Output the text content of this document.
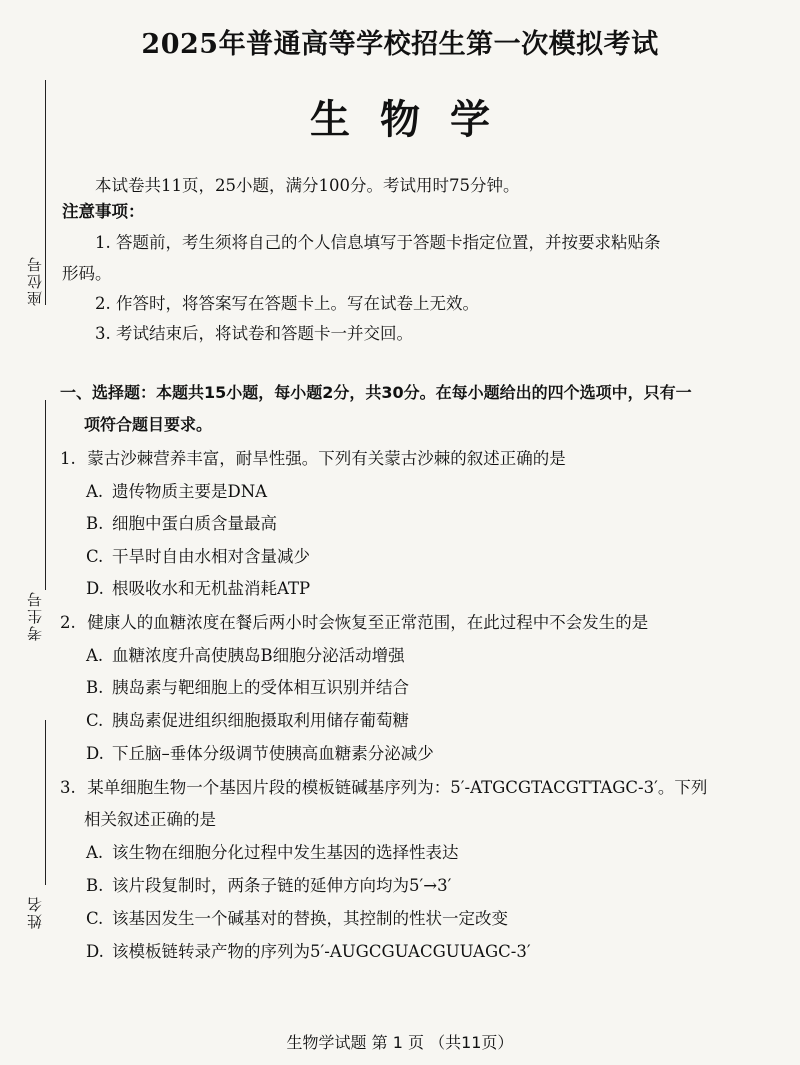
座位号
考生号
姓名
2025年普通高等学校招生第一次模拟考试
生物学
本试卷共11页，25小题，满分100分。考试用时75分钟。
注意事项：
1. 答题前，考生须将自己的个人信息填写于答题卡指定位置，并按要求粘贴条
形码。
2. 作答时，将答案写在答题卡上。写在试卷上无效。
3. 考试结束后，将试卷和答题卡一并交回。
一、选择题：本题共15小题，每小题2分，共30分。在每小题给出的四个选项中，只有一
项符合题目要求。
1. 蒙古沙棘营养丰富，耐旱性强。下列有关蒙古沙棘的叙述正确的是
A. 遗传物质主要是DNA
B. 细胞中蛋白质含量最高
C. 干旱时自由水相对含量减少
D. 根吸收水和无机盐消耗ATP
2. 健康人的血糖浓度在餐后两小时会恢复至正常范围，在此过程中不会发生的是
A. 血糖浓度升高使胰岛B细胞分泌活动增强
B. 胰岛素与靶细胞上的受体相互识别并结合
C. 胰岛素促进组织细胞摄取利用储存葡萄糖
D. 下丘脑–垂体分级调节使胰高血糖素分泌减少
3. 某单细胞生物一个基因片段的模板链碱基序列为：5′-ATGCGTACGTTAGC-3′。下列
相关叙述正确的是
A. 该生物在细胞分化过程中发生基因的选择性表达
B. 该片段复制时，两条子链的延伸方向均为5′→3′
C. 该基因发生一个碱基对的替换，其控制的性状一定改变
D. 该模板链转录产物的序列为5′-AUGCGUACGUUAGC-3′
生物学试题 第 1 页 （共11页）
